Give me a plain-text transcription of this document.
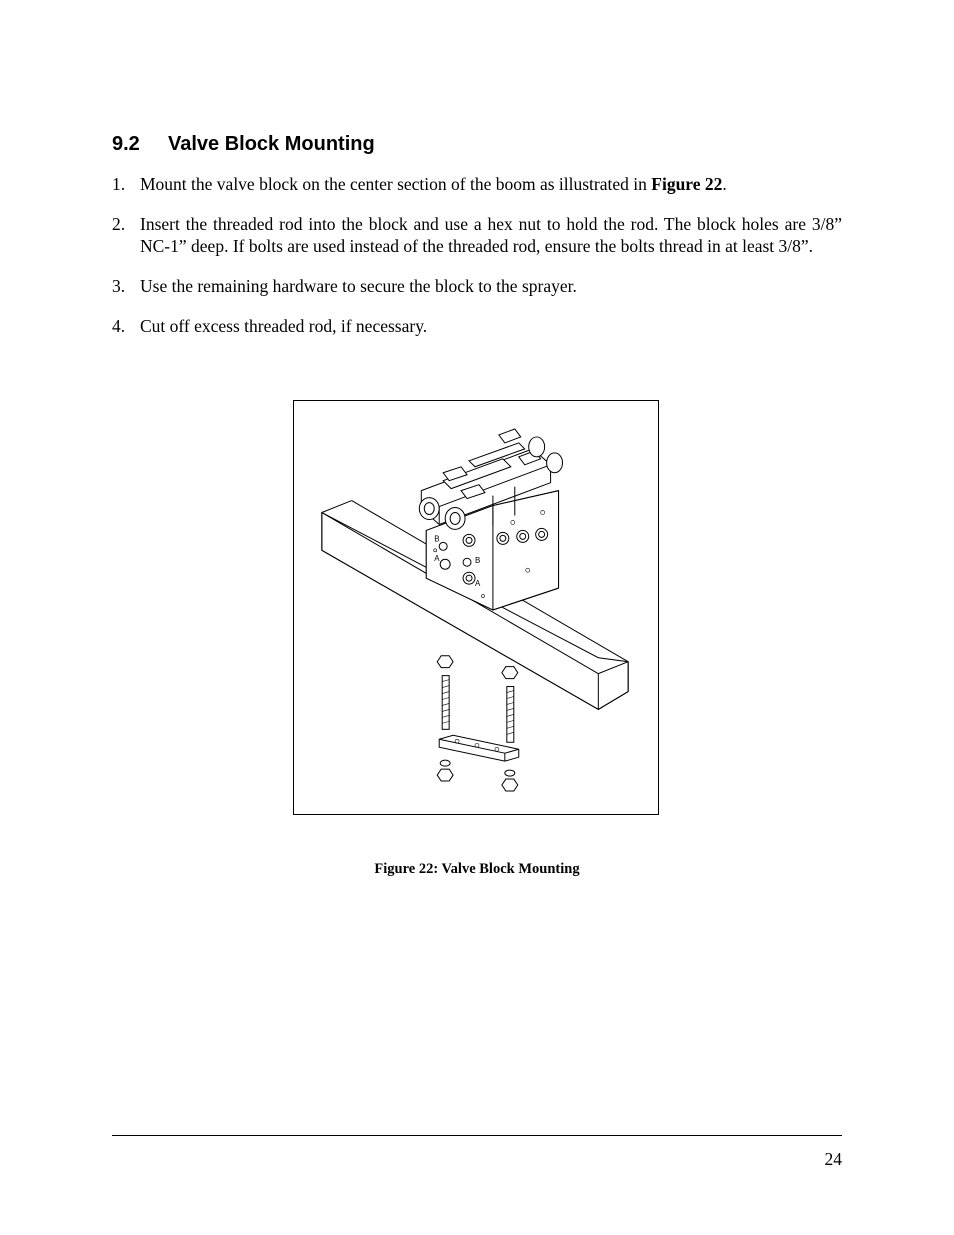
9.2 Valve Block Mounting
1. Mount the valve block on the center section of the boom as illustrated in Figure 22.
2. Insert the threaded rod into the block and use a hex nut to hold the rod. The block holes are 3/8” NC-1” deep. If bolts are used instead of the threaded rod, ensure the bolts thread in at least 3/8”.
3. Use the remaining hardware to secure the block to the sprayer.
4. Cut off excess threaded rod, if necessary.
B
A	B
A
Figure 22: Valve Block Mounting
24
